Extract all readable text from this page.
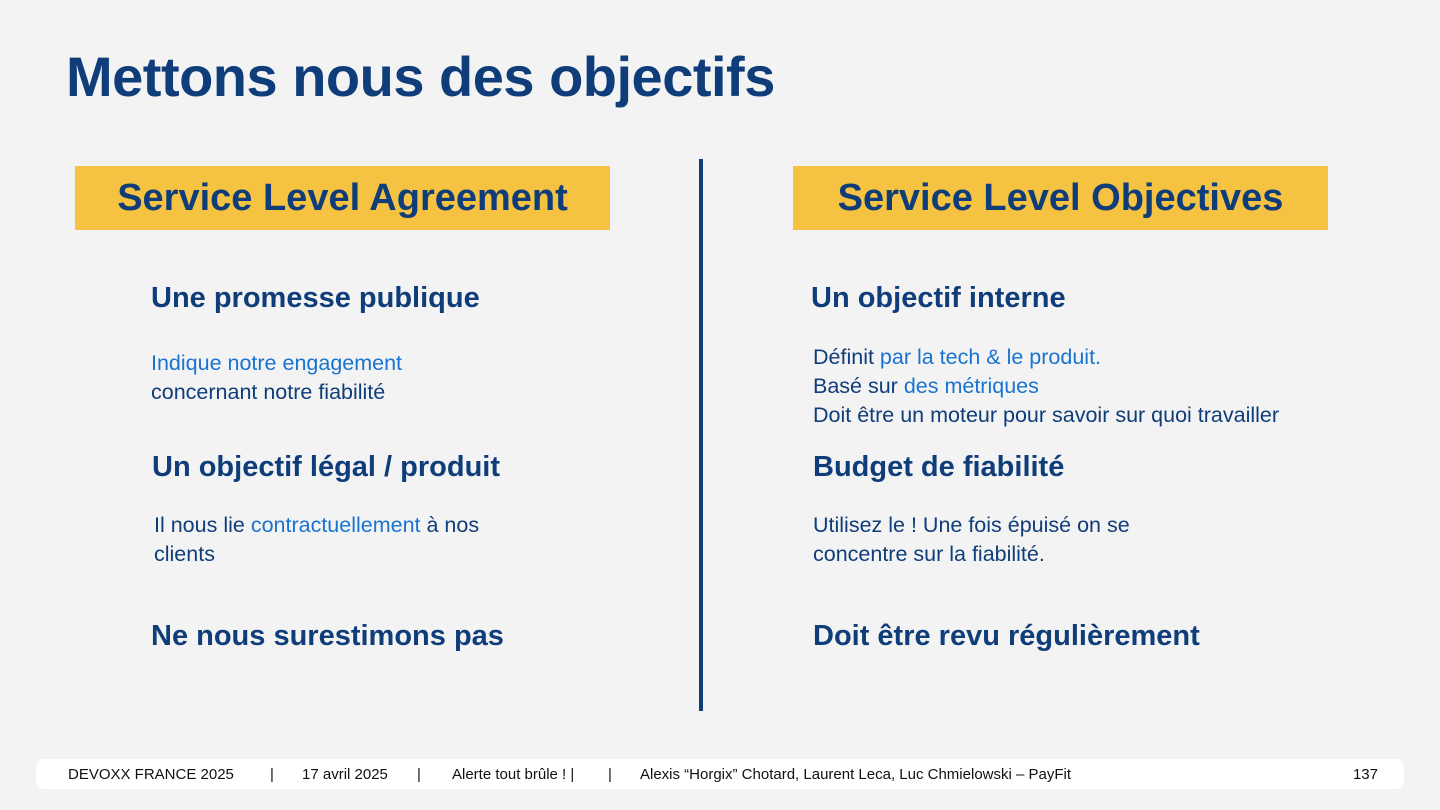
Mettons nous des objectifs
Service Level Agreement	Service Level Objectives
Une promesse publique
Indique notre engagement
concernant notre fiabilité
Un objectif légal / produit
Il nous lie contractuellement à nos
clients
Ne nous surestimons pas
Un objectif interne
Définit par la tech & le produit.
Basé sur des métriques
Doit être un moteur pour savoir sur quoi travailler
Budget de fiabilité
Utilisez le ! Une fois épuisé on se
concentre sur la fiabilité.
Doit être revu régulièrement
DEVOXX FRANCE 2025 | 17 avril 2025 | Alerte tout brûle ! | | Alexis “Horgix” Chotard, Laurent Leca, Luc Chmielowski – PayFit	137
